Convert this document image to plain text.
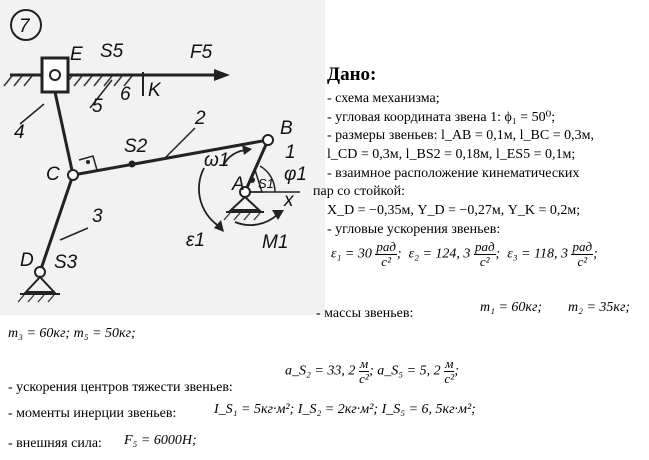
7
E S5	F5
K
5
6
4
2	B
C
S2
ω1	1
A S1 φ1
x
3
ε1	M1
D S3
Дано:
- схема механизма;
- угловая координата звена 1: ϕ₁ = 50⁰;
- размеры звеньев: l_AB = 0,1м, l_BC = 0,3м,
l_CD = 0,3м, l_BS2 = 0,18м, l_ES5 = 0,1м;
- взаимное расположение кинематических
пар со стойкой:
X_D = −0,35м, Y_D = −0,27м, Y_K = 0,2м;
- угловые ускорения звеньев:
ε₁ = 30
рад
c² ;  ε₂ = 124, 3
рад
c² ;  ε₃ = 118, 3
рад
c² ;
- массы звеньев:	m₁ = 60кг; m₂ = 35кг;
m₃ = 60кг; m₅ = 50кг;
a_S₂ = 33, 2
м
c² ; a_S₅ = 5, 2
м
c² ;
- ускорения центров тяжести звеньев:
- моменты инерции звеньев:	I_S₁ = 5кг·м²; I_S₂ = 2кг·м²; I_S₅ = 6, 5кг·м²;
- внешняя сила: F₅ = 6000Н;
